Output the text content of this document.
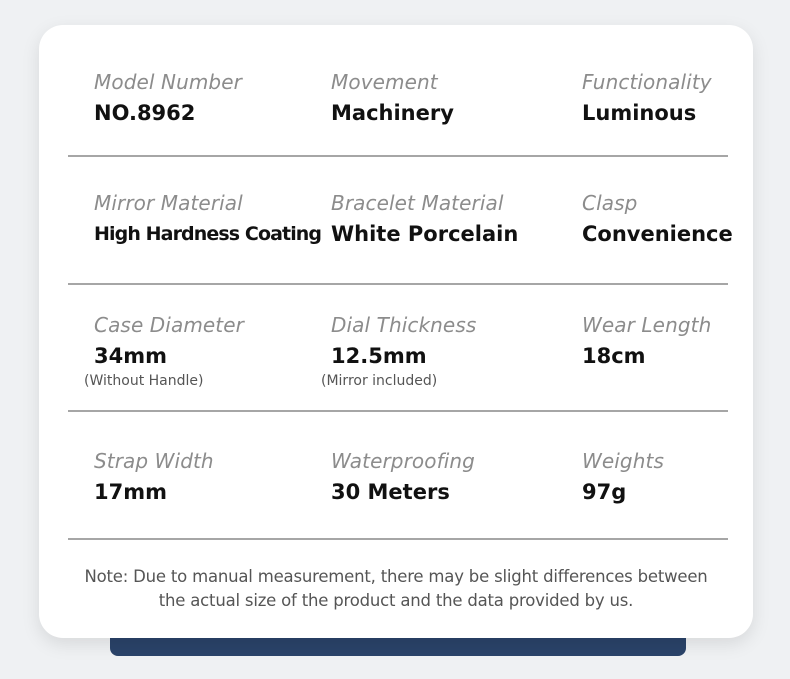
Model Number
NO.8962
Movement
Machinery
Functionality
Luminous
Mirror Material
High Hardness Coating
Bracelet Material
White Porcelain
Clasp
Convenience
Case Diameter
34mm
(Without Handle)
Dial Thickness
12.5mm
(Mirror included)
Wear Length
18cm
Strap Width
17mm
Waterproofing
30 Meters
Weights
97g
Note: Due to manual measurement, there may be slight differences between
the actual size of the product and the data provided by us.
